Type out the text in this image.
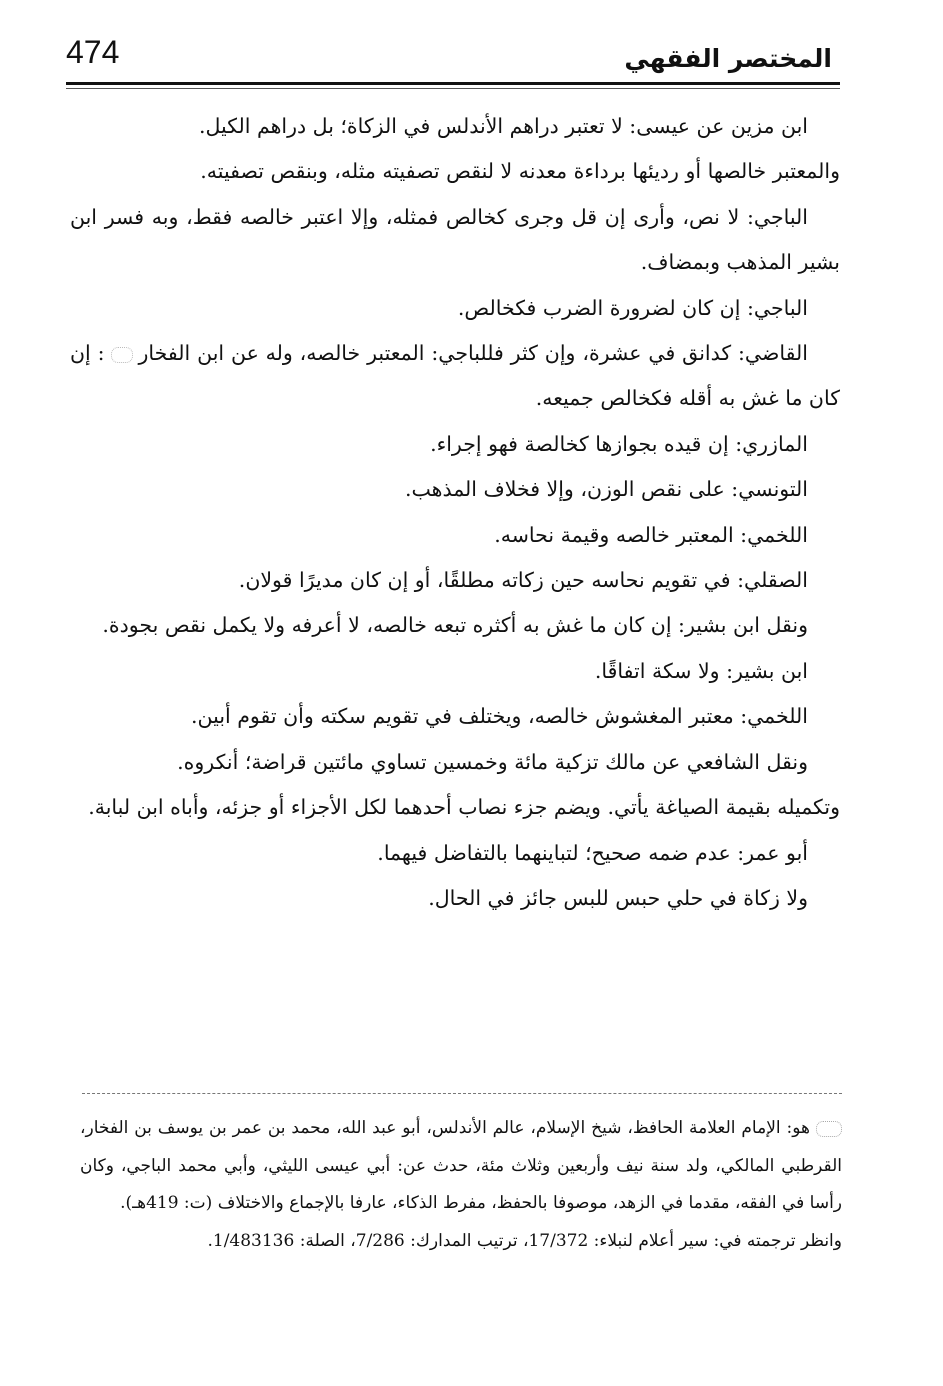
474	المختصر الفقهي

ابن مزين عن عيسى: لا تعتبر دراهم الأندلس في الزكاة؛ بل دراهم الكيل.

والمعتبر خالصها أو رديئها برداءة معدنه لا لنقص تصفيته مثله، وبنقص تصفيته.

الباجي: لا نص، وأرى إن قل وجرى كخالص فمثله، وإلا اعتبر خالصه فقط، وبه فسر ابن بشير المذهب وبمضاف.

الباجي: إن كان لضرورة الضرب فكخالص.

القاضي: كدانق في عشرة، وإن كثر فللباجي: المعتبر خالصه، وله عن ابن الفخار: إن كان ما غش به أقله فكخالص جميعه.

المازري: إن قيده بجوازها كخالصة فهو إجراء.

التونسي: على نقص الوزن، وإلا فخلاف المذهب.

اللخمي: المعتبر خالصه وقيمة نحاسه.

الصقلي: في تقويم نحاسه حين زكاته مطلقًا، أو إن كان مديرًا قولان.

ونقل ابن بشير: إن كان ما غش به أكثره تبعه خالصه، لا أعرفه ولا يكمل نقص بجودة.

ابن بشير: ولا سكة اتفاقًا.

اللخمي: معتبر المغشوش خالصه، ويختلف في تقويم سكته وأن تقوم أبين.

ونقل الشافعي عن مالك تزكية مائة وخمسين تساوي مائتين قراضة؛ أنكروه.

وتكميله بقيمة الصياغة يأتي. ويضم جزء نصاب أحدهما لكل الأجزاء أو جزئه، وأباه ابن لبابة.

أبو عمر: عدم ضمه صحيح؛ لتباينهما بالتفاضل فيهما.

ولا زكاة في حلي حبس للبس جائز في الحال.

هو: الإمام العلامة الحافظ، شيخ الإسلام، عالم الأندلس، أبو عبد الله، محمد بن عمر بن يوسف بن الفخار، القرطبي المالكي، ولد سنة نيف وأربعين وثلاث مئة، حدث عن: أبي عيسى الليثي، وأبي محمد الباجي، وكان رأسا في الفقه، مقدما في الزهد، موصوفا بالحفظ، مفرط الذكاء، عارفا بالإجماع والاختلاف (ت: 419هـ).

وانظر ترجمته في: سير أعلام لنبلاء: 17/372، ترتيب المدارك: 7/286، الصلة: 1/483136.
